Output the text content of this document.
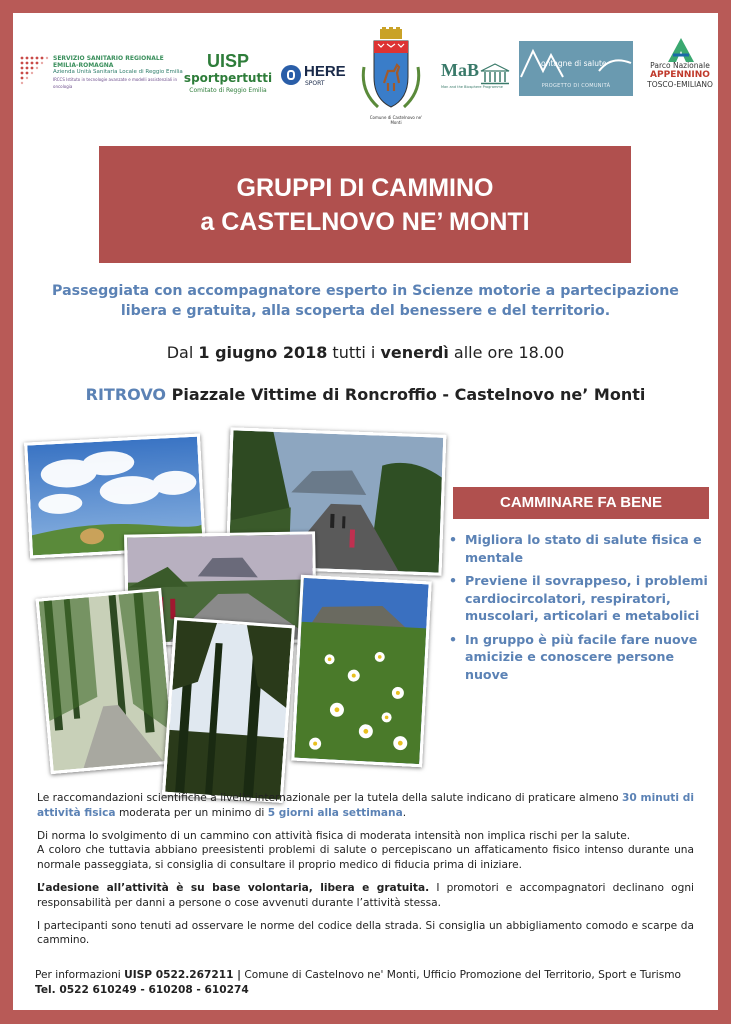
SERVIZIO SANITARIO REGIONALE
EMILIA-ROMAGNA
Azienda Unità Sanitaria Locale di Reggio Emilia
IRCCS Istituto in tecnologie avanzate e modelli assistenziali in oncologia
UISP
sportpertutti
Comitato di Reggio Emilia
HERE
SPORT
Comune di Castelnovo ne' Monti
MaB
Man and the Biosphere Programme
ontagne di salute
PROGETTO DI COMUNITÀ
Parco Nazionale
APPENNINO
TOSCO-EMILIANO
GRUPPI DI CAMMINO
a CASTELNOVO NE’ MONTI
Passeggiata con accompagnatore esperto in Scienze motorie a partecipazione libera e gratuita, alla scoperta del benessere e del territorio.
Dal 1 giugno 2018 tutti i venerdì alle ore 18.00
RITROVO Piazzale Vittime di Roncroffio - Castelnovo ne’ Monti
CAMMINARE FA BENE
• Migliora lo stato di salute fisica e mentale
• Previene il sovrappeso, i problemi cardiocircolatori, respiratori, muscolari, articolari e metabolici
• In gruppo è più facile fare nuove amicizie e conoscere persone nuove

Le raccomandazioni scientifiche a livello internazionale per la tutela della salute indicano di praticare almeno 30 minuti di attività fisica moderata per un minimo di 5 giorni alla settimana.

Di norma lo svolgimento di un cammino con attività fisica di moderata intensità non implica rischi per la salute.
A coloro che tuttavia abbiano preesistenti problemi di salute o percepiscano un affaticamento fisico intenso durante una normale passeggiata, si consiglia di consultare il proprio medico di fiducia prima di iniziare.

L’adesione all’attività è su base volontaria, libera e gratuita. I promotori e accompagnatori declinano ogni responsabilità per danni a persone o cose avvenuti durante l’attività stessa.

I partecipanti sono tenuti ad osservare le norme del codice della strada. Si consiglia un abbigliamento comodo e scarpe da cammino.

Per informazioni UISP 0522.267211 | Comune di Castelnovo ne' Monti, Ufficio Promozione del Territorio, Sport e Turismo
Tel. 0522 610249 - 610208 - 610274
